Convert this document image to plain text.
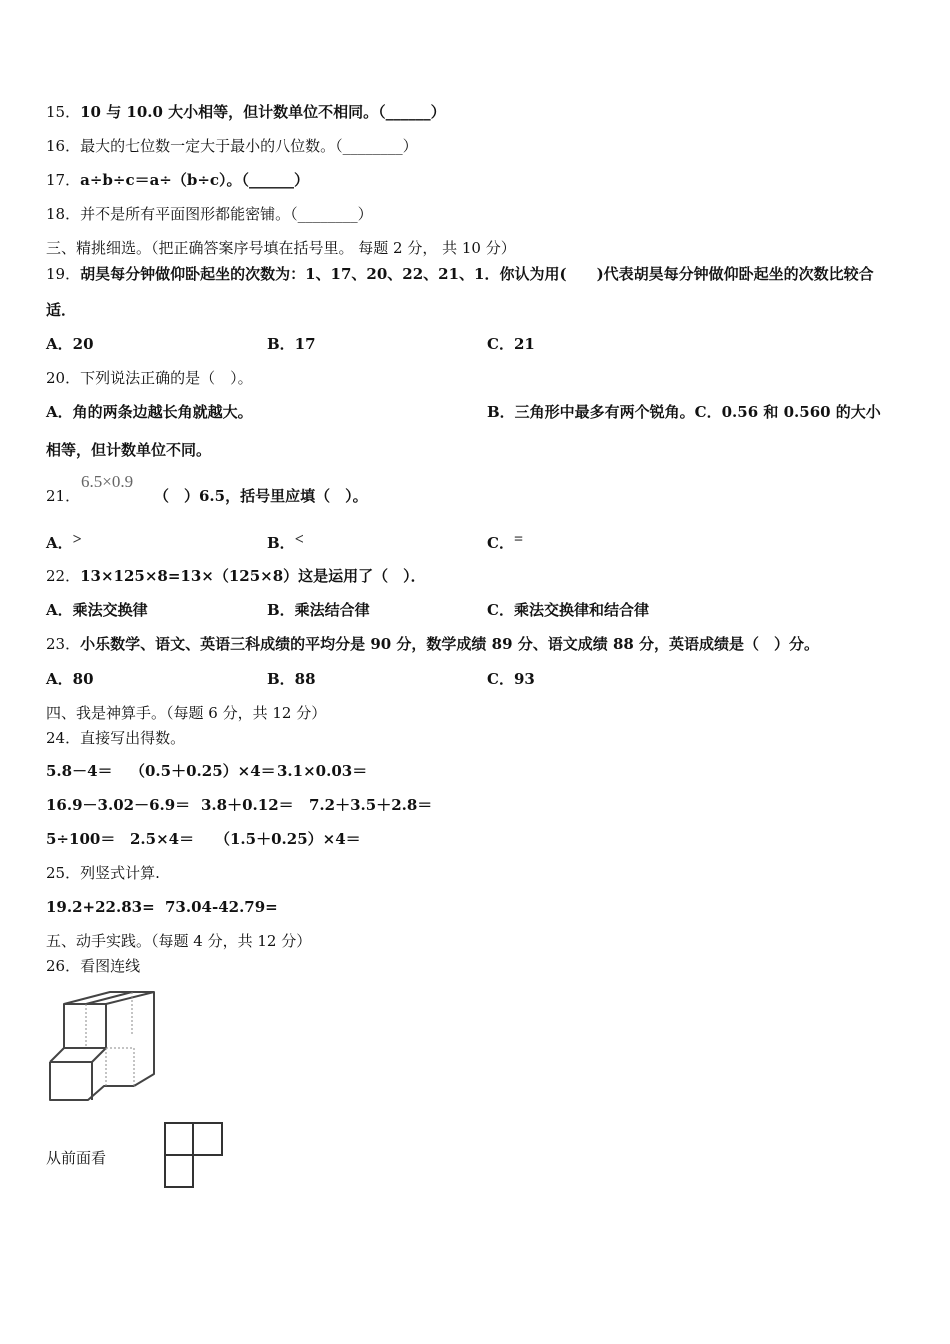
15．10 与 10.0 大小相等，但计数单位不相同。（______）
16．最大的七位数一定大于最小的八位数。（________）
17．a÷b÷c＝a÷（b÷c）。（______）
18．并不是所有平面图形都能密铺。（________）
三、精挑细选。（把正确答案序号填在括号里。 每题 2 分， 共 10 分）
19．胡昊每分钟做仰卧起坐的次数为：1、17、20、22、21、1．你认为用(　　)代表胡昊每分钟做仰卧起坐的次数比较合
适．
A．20	B．17	C．21
20．下列说法正确的是（　）。
A．角的两条边越长角就越大。	B．三角形中最多有两个锐角。C．0.56 和 0.560 的大小
相等，但计数单位不同。
21．
6.5×0.9
（　）6.5，括号里应填（　）。
A．>	B．<	C．=
22．13×125×8=13×（125×8）这是运用了（　）．
A．乘法交换律	B．乘法结合律	C．乘法交换律和结合律
23．小乐数学、语文、英语三科成绩的平均分是 90 分，数学成绩 89 分、语文成绩 88 分，英语成绩是（　）分。
A．80	B．88	C．93
四、我是神算手。（每题 6 分，共 12 分）
24．直接写出得数。
5.8－4＝ （0.5＋0.25）×4＝ 3.1×0.03＝
16.9－3.02－6.9＝ 3.8＋0.12＝ 7.2＋3.5＋2.8＝
5÷100＝ 2.5×4＝ （1.5＋0.25）×4＝
25．列竖式计算.
19.2+22.83= 73.04-42.79=
五、动手实践。（每题 4 分，共 12 分）
26．看图连线
从前面看
